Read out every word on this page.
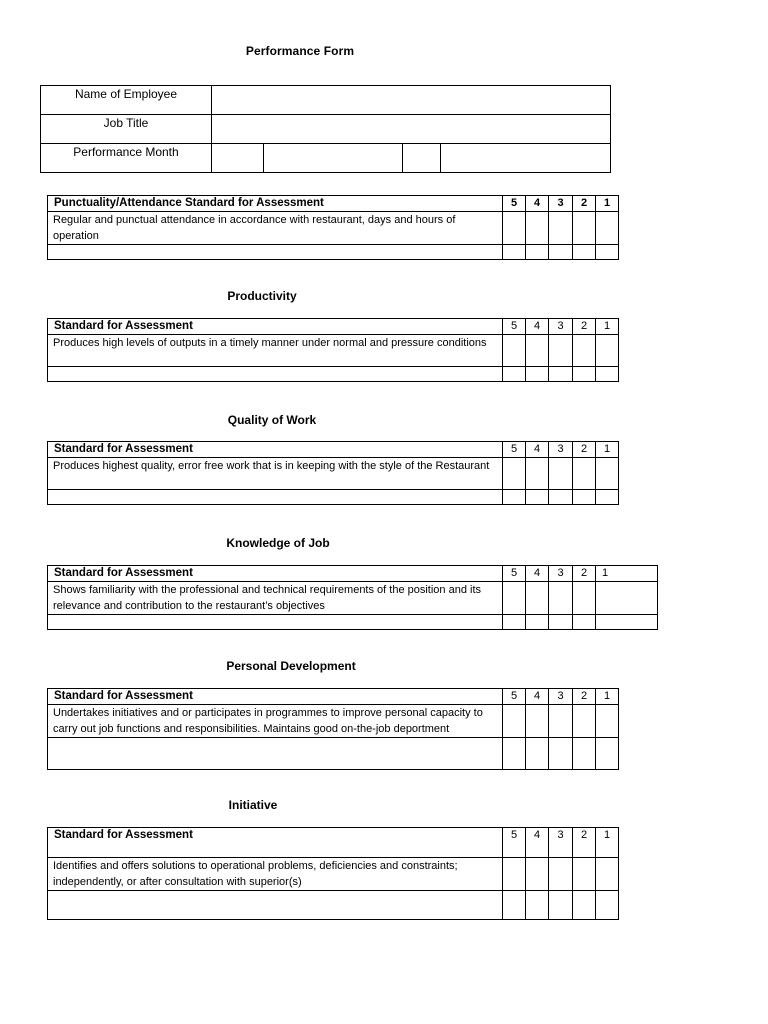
Performance Form
Name of Employee				
Job Title				
Performance Month				
Punctuality/Attendance Standard for Assessment	5	4	3	2	1
Regular and punctual attendance in accordance with restaurant, days and hours of operation					

Productivity
Standard for Assessment	5	4	3	2	1
Produces high levels of outputs in a timely manner under normal and pressure conditions					

Quality of Work
Standard for Assessment	5	4	3	2	1
Produces highest quality, error free work that is in keeping with the style of the Restaurant					

Knowledge of Job
Standard for Assessment	5	4	3	2	1
Shows familiarity with the professional and technical requirements of the position and its relevance and contribution to the restaurant’s objectives					

Personal Development
Standard for Assessment	5	4	3	2	1
Undertakes initiatives and or participates in programmes to improve personal capacity to carry out job functions and responsibilities. Maintains good on-the-job deportment					

Initiative
Standard for Assessment	5	4	3	2	1
Identifies and offers solutions to operational problems, deficiencies and constraints; independently, or after consultation with superior(s)					
